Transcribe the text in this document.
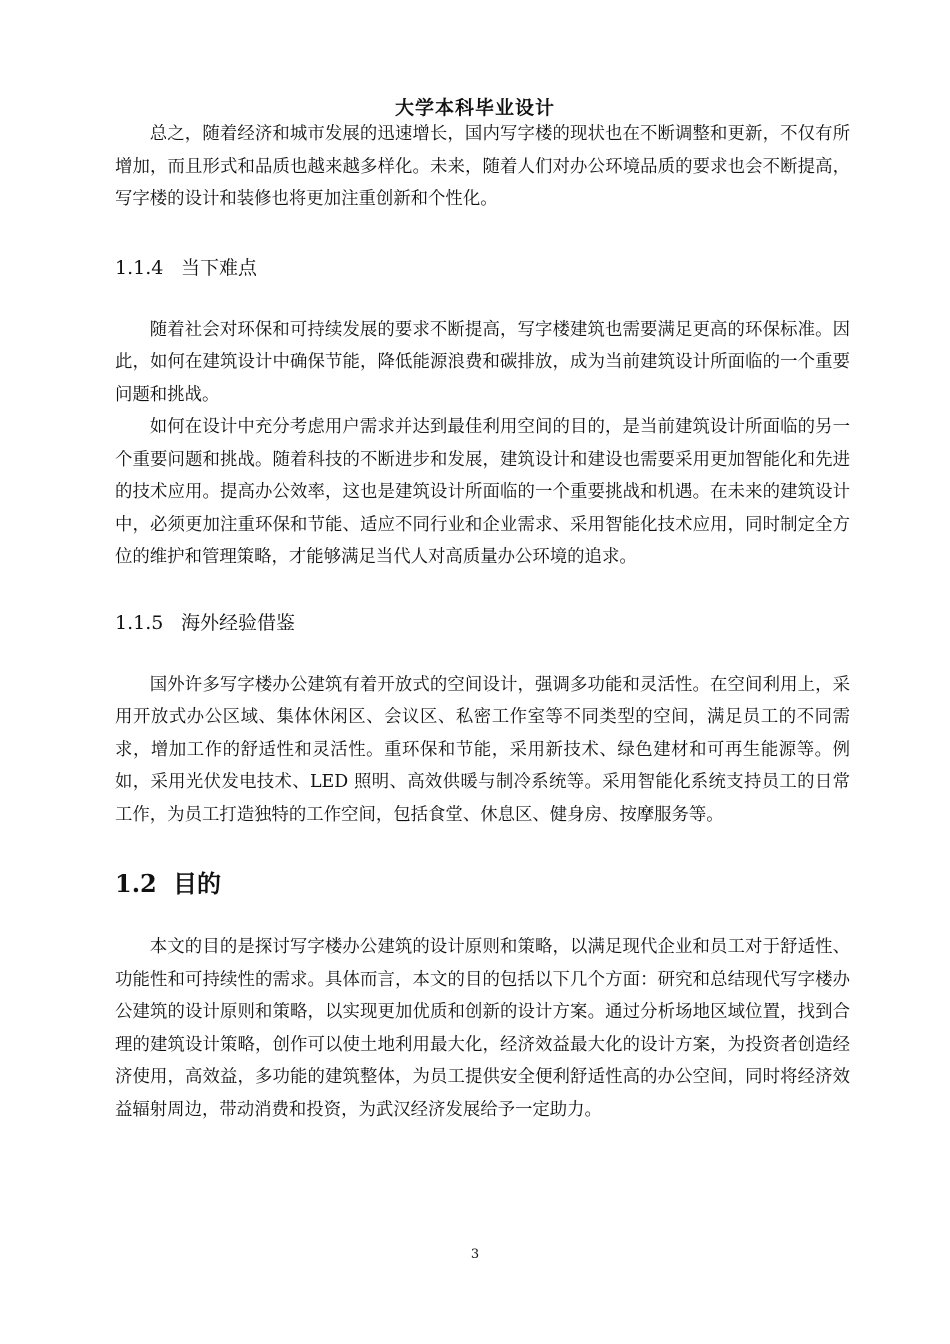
大学本科毕业设计

总之，随着经济和城市发展的迅速增长，国内写字楼的现状也在不断调整和更新，不仅有所增加，而且形式和品质也越来越多样化。未来，随着人们对办公环境品质的要求也会不断提高，写字楼的设计和装修也将更加注重创新和个性化。

1.1.4 当下难点

随着社会对环保和可持续发展的要求不断提高，写字楼建筑也需要满足更高的环保标准。因此，如何在建筑设计中确保节能，降低能源浪费和碳排放，成为当前建筑设计所面临的一个重要问题和挑战。

如何在设计中充分考虑用户需求并达到最佳利用空间的目的，是当前建筑设计所面临的另一个重要问题和挑战。随着科技的不断进步和发展，建筑设计和建设也需要采用更加智能化和先进的技术应用。提高办公效率，这也是建筑设计所面临的一个重要挑战和机遇。在未来的建筑设计中，必须更加注重环保和节能、适应不同行业和企业需求、采用智能化技术应用，同时制定全方位的维护和管理策略，才能够满足当代人对高质量办公环境的追求。

1.1.5 海外经验借鉴

国外许多写字楼办公建筑有着开放式的空间设计，强调多功能和灵活性。在空间利用上，采用开放式办公区域、集体休闲区、会议区、私密工作室等不同类型的空间，满足员工的不同需求，增加工作的舒适性和灵活性。重环保和节能，采用新技术、绿色建材和可再生能源等。例如，采用光伏发电技术、LED 照明、高效供暖与制冷系统等。采用智能化系统支持员工的日常工作，为员工打造独特的工作空间，包括食堂、休息区、健身房、按摩服务等。

1.2 目的

本文的目的是探讨写字楼办公建筑的设计原则和策略，以满足现代企业和员工对于舒适性、功能性和可持续性的需求。具体而言，本文的目的包括以下几个方面：研究和总结现代写字楼办公建筑的设计原则和策略，以实现更加优质和创新的设计方案。通过分析场地区域位置，找到合理的建筑设计策略，创作可以使土地利用最大化，经济效益最大化的设计方案，为投资者创造经济使用，高效益，多功能的建筑整体，为员工提供安全便利舒适性高的办公空间，同时将经济效益辐射周边，带动消费和投资，为武汉经济发展给予一定助力。

3
